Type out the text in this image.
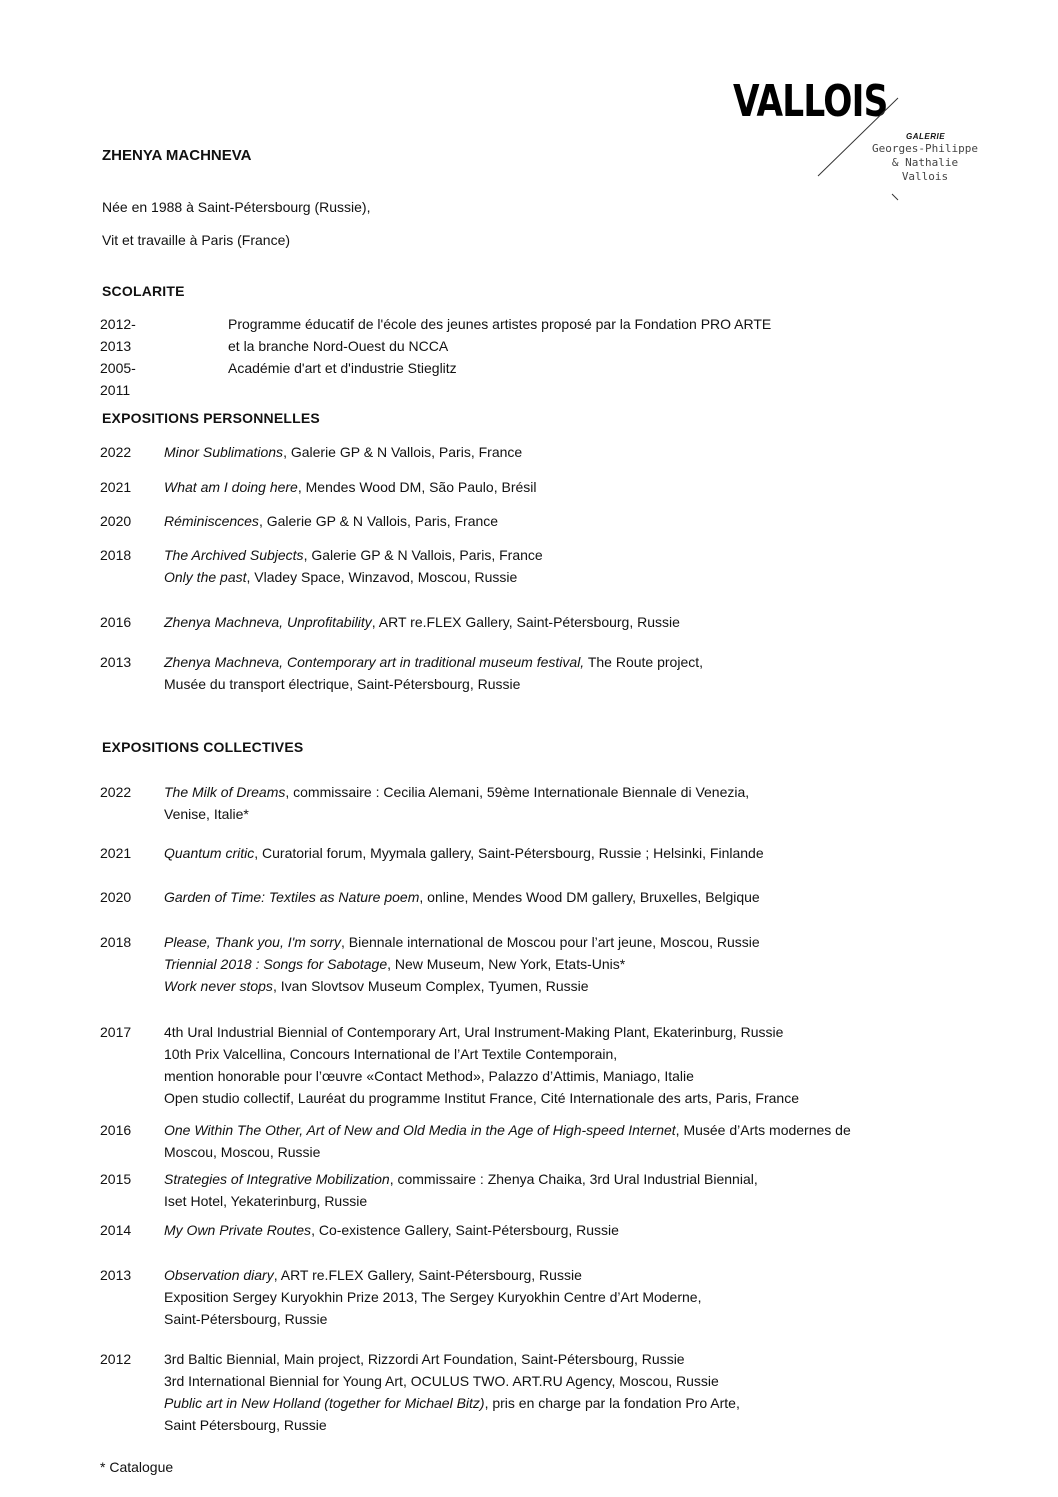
VALLOIS
GALERIE
Georges-Philippe
& Nathalie
Vallois
ZHENYA MACHNEVA
Née en 1988 à Saint-Pétersbourg (Russie),
Vit et travaille à Paris (France)
SCOLARITE
EXPOSITIONS PERSONNELLES
EXPOSITIONS COLLECTIVES
2012-2013
Programme éducatif de l'école des jeunes artistes proposé par la Fondation PRO ARTE
et la branche Nord-Ouest du NCCA
2005-2011
Académie d'art et d'industrie Stieglitz
2022	Minor Sublimations, Galerie GP & N Vallois, Paris, France
2021	What am I doing here, Mendes Wood DM, São Paulo, Brésil
2020	Réminiscences, Galerie GP & N Vallois, Paris, France
2018	The Archived Subjects, Galerie GP & N Vallois, Paris, France
Only the past, Vladey Space, Winzavod, Moscou, Russie
2016	Zhenya Machneva, Unprofitability, ART re.FLEX Gallery, Saint-Pétersbourg, Russie
2013	Zhenya Machneva, Contemporary art in traditional museum festival, The Route project,
Musée du transport électrique, Saint-Pétersbourg, Russie
2022	The Milk of Dreams, commissaire : Cecilia Alemani, 59ème Internationale Biennale di Venezia,
Venise, Italie*
2021	Quantum critic, Curatorial forum, Myymala gallery, Saint-Pétersbourg, Russie ; Helsinki, Finlande
2020	Garden of Time: Textiles as Nature poem, online, Mendes Wood DM gallery, Bruxelles, Belgique
2018	Please, Thank you, I'm sorry, Biennale international de Moscou pour l’art jeune, Moscou, Russie
Triennial 2018 : Songs for Sabotage, New Museum, New York, Etats-Unis*
Work never stops, Ivan Slovtsov Museum Complex, Tyumen, Russie
2017	4th Ural Industrial Biennial of Contemporary Art, Ural Instrument-Making Plant, Ekaterinburg, Russie
10th Prix Valcellina, Concours International de l’Art Textile Contemporain,
mention honorable pour l’œuvre «Contact Method», Palazzo d’Attimis, Maniago, Italie
Open studio collectif, Lauréat du programme Institut France, Cité Internationale des arts, Paris, France
2016	One Within The Other, Art of New and Old Media in the Age of High-speed Internet, Musée d’Arts modernes de
Moscou, Moscou, Russie
2015	Strategies of Integrative Mobilization, commissaire : Zhenya Chaika, 3rd Ural Industrial Biennial,
Iset Hotel, Yekaterinburg, Russie
2014	My Own Private Routes, Co-existence Gallery, Saint-Pétersbourg, Russie
2013	Observation diary, ART re.FLEX Gallery, Saint-Pétersbourg, Russie
Exposition Sergey Kuryokhin Prize 2013, The Sergey Kuryokhin Centre d’Art Moderne,
Saint-Pétersbourg, Russie
2012	3rd Baltic Biennial, Main project, Rizzordi Art Foundation, Saint-Pétersbourg, Russie
3rd International Biennial for Young Art, OCULUS TWO. ART.RU Agency, Moscou, Russie
Public art in New Holland (together for Michael Bitz), pris en charge par la fondation Pro Arte,
Saint Pétersbourg, Russie
* Catalogue
